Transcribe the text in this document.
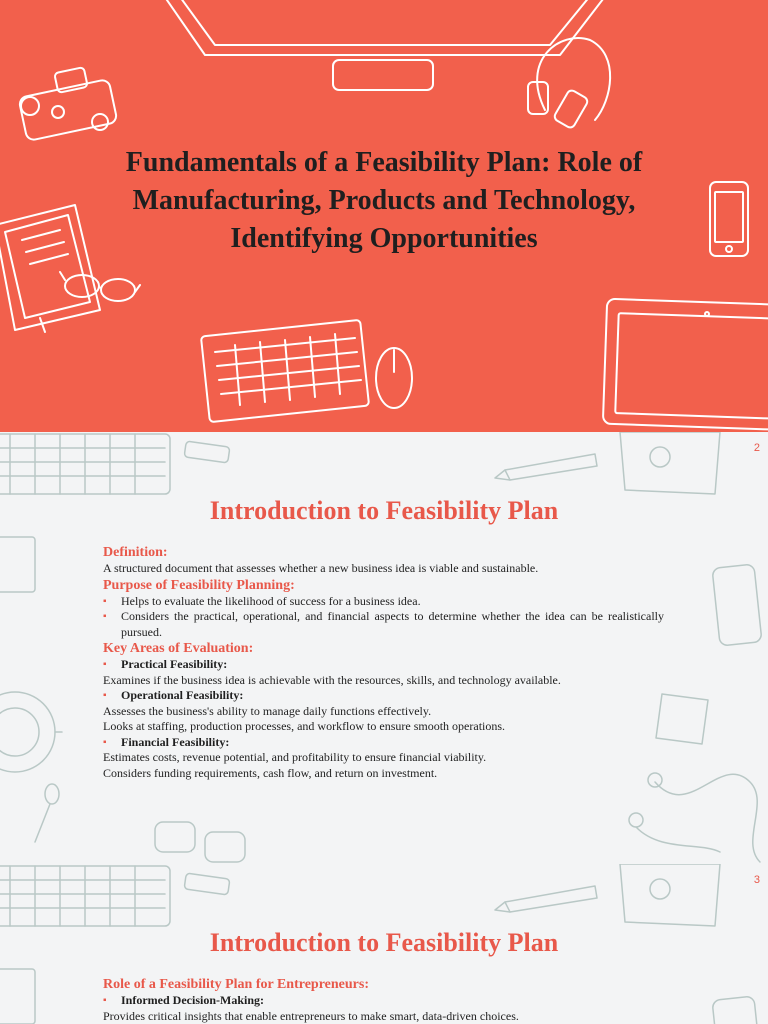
Fundamentals of a Feasibility Plan: Role of Manufacturing, Products and Technology, Identifying Opportunities
2
Introduction to Feasibility Plan
Definition:
A structured document that assesses whether a new business idea is viable and sustainable.
Purpose of Feasibility Planning:
▪ Helps to evaluate the likelihood of success for a business idea.
▪ Considers the practical, operational, and financial aspects to determine whether the idea can be realistically pursued.
Key Areas of Evaluation:
▪ Practical Feasibility:
Examines if the business idea is achievable with the resources, skills, and technology available.
▪ Operational Feasibility:
Assesses the business's ability to manage daily functions effectively.
Looks at staffing, production processes, and workflow to ensure smooth operations.
▪ Financial Feasibility:
Estimates costs, revenue potential, and profitability to ensure financial viability.
Considers funding requirements, cash flow, and return on investment.
3
Introduction to Feasibility Plan
Role of a Feasibility Plan for Entrepreneurs:
▪ Informed Decision-Making:
Provides critical insights that enable entrepreneurs to make smart, data-driven choices.
